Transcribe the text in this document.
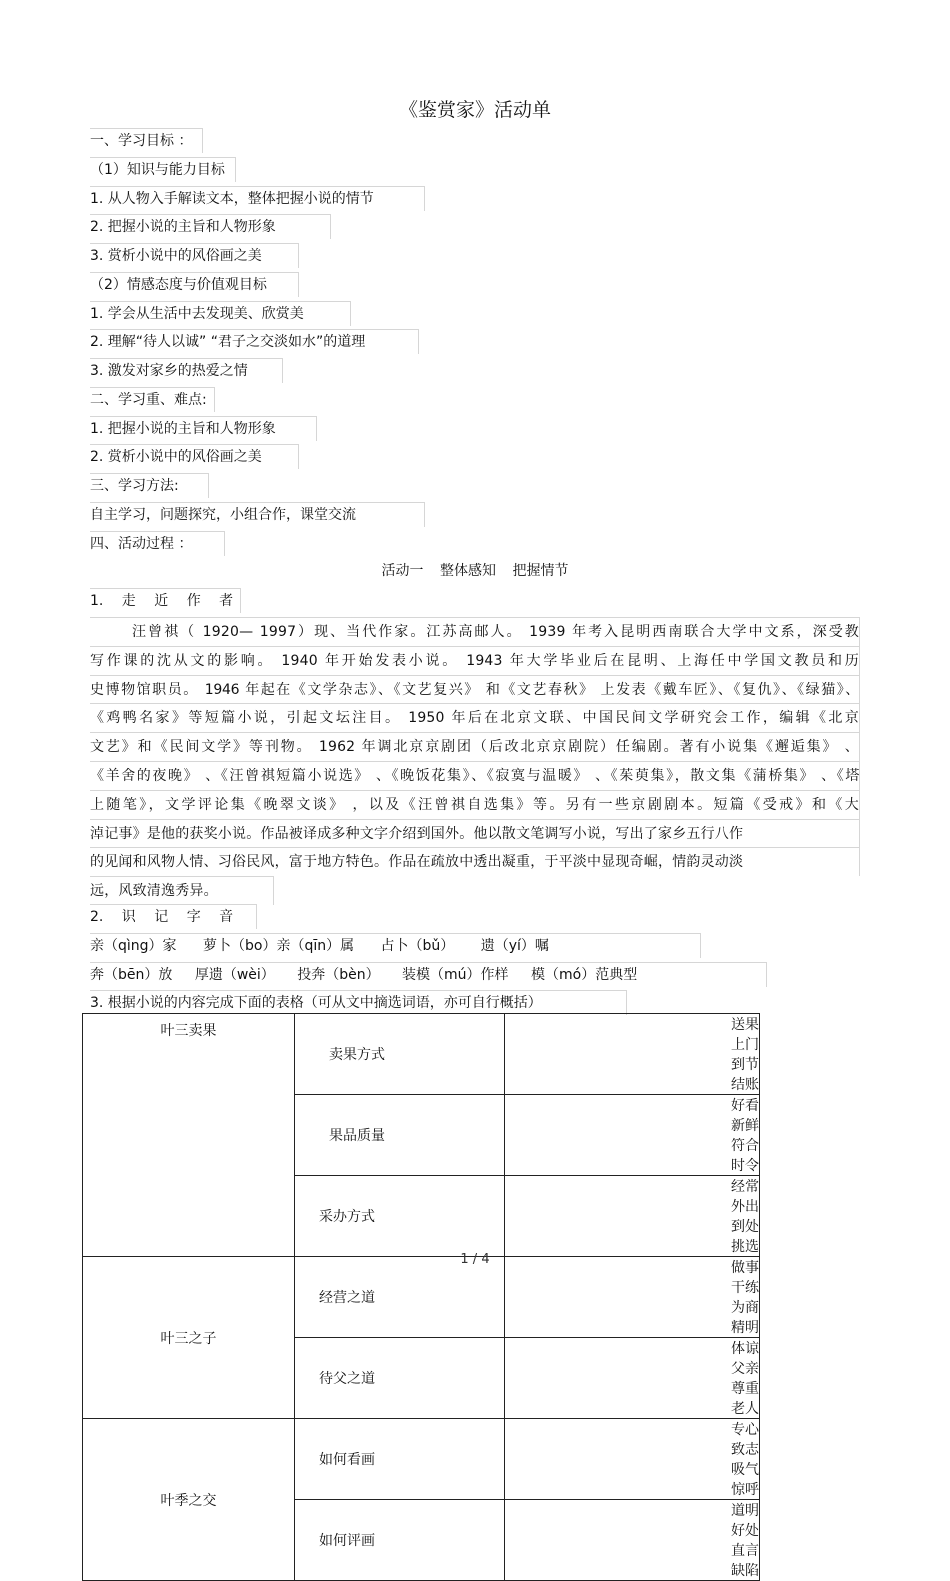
《鉴赏家》活动单
一、学习目标 ：
（1）知识与能力目标
1. 从人物入手解读文本，整体把握小说的情节
2. 把握小说的主旨和人物形象
3. 赏析小说中的风俗画之美
（2）情感态度与价值观目标
1. 学会从生活中去发现美、欣赏美
2. 理解“待人以诚” “君子之交淡如水”的道理
3. 激发对家乡的热爱之情
二、学习重、难点:
1. 把握小说的主旨和人物形象
2. 赏析小说中的风俗画之美
三、学习方法:
自主学习，问题探究，小组合作，课堂交流
四、活动过程 ：
活动一 整体感知 把握情节
1. 走 近 作 者
汪曾祺（ 1920— 1997）现、当代作家。江苏高邮人。 1939 年考入昆明西南联合大学中文系，深受教
写作课的沈从文的影响。 1940 年开始发表小说。 1943 年大学毕业后在昆明、上海任中学国文教员和历
史博物馆职员。 1946 年起在《文学杂志》、《文艺复兴》 和《文艺春秋》 上发表《戴车匠》、《复仇》、《绿猫》、
《鸡鸭名家》等短篇小说，引起文坛注目。 1950 年后在北京文联、中国民间文学研究会工作，编辑《北京
文艺》和《民间文学》等刊物。 1962 年调北京京剧团（后改北京京剧院）任编剧。著有小说集《邂逅集》 、
《羊舍的夜晚》 、《汪曾祺短篇小说选》 、《晚饭花集》、《寂寞与温暖》 、《茱萸集》，散文集《蒲桥集》 、《塔
上随笔》，文学评论集《晚翠文谈》 ，以及《汪曾祺自选集》等。另有一些京剧剧本。短篇《受戒》和《大
淖记事》是他的获奖小说。作品被译成多种文字介绍到国外。他以散文笔调写小说，写出了家乡五行八作
的见闻和风物人情、习俗民风，富于地方特色。作品在疏放中透出凝重，于平淡中显现奇崛，情韵灵动淡
远，风致清逸秀异。
2. 识 记 字 音
亲（qìng）家 萝卜（bo）亲（qīn）属 占卜（bǔ） 遗（yí）嘱
奔（bēn）放 厚遗（wèi） 投奔（bèn） 装模（mú）作样 模（mó）范典型
3. 根据小说的内容完成下面的表格（可从文中摘选词语，亦可自行概括）
叶三卖果	卖果方式	送果上门 到节结账
	果品质量	好看新鲜 符合时令
	采办方式	经常外出 到处挑选
叶三之子	经营之道	做事干练 为商精明
	待父之道	体谅父亲 尊重老人
叶季之交	如何看画	专心致志 吸气惊呼
	如何评画	道明好处 直言缺陷
1 / 4
